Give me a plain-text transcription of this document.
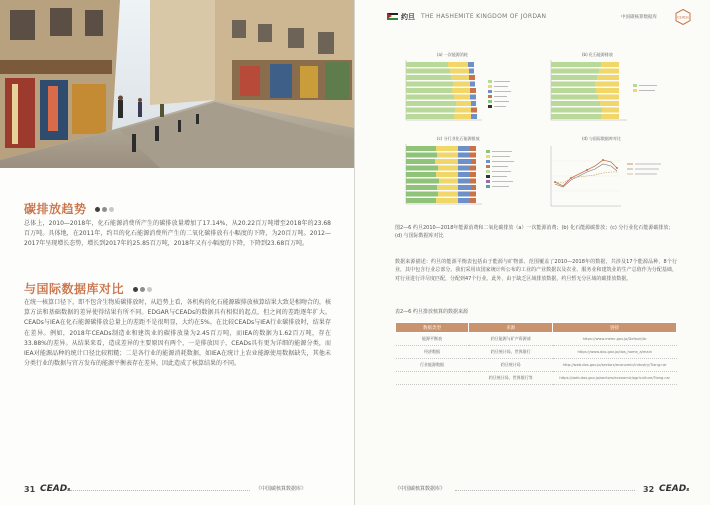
碳排放趋势

总体上，2010—2018年，化石能源消费所产生的碳排放量增加了17.14%，从20.22百万吨增至2018年的23.68百万吨。具体地，在2011年，约旦的化石能源消费所产生的二氧化碳排放有小幅度的下降，为20百万吨。2012—2017年呈现增长态势，增长到2017年的25.85百万吨，2018年又有小幅度的下降，下降到23.68百万吨。

与国际数据库对比

在统一核算口径下，即不包含生物质碳排放时，从趋势上看，各机构的化石能源碳排放核算结果大致是相吻合的，核算方法和基础数据的差异使得结果有所不同。EDGAR与CEADs的数据具有相似的起点，但之间的差距逐年扩大。CEADs与IEA在化石能源碳排放总量上的差距不是很明显，大约在5%。在比较CEADs与IEA行业碳排放时，结果存在差异。例如，2018年CEADs制造业和建筑业的碳排放量为2.45百万吨，而IEA的数据为1.62百万吨，存在33.88%的差异。从结果来看，造成差异的主要原因有两个，一是排放因子，CEADs具有更为详细的能源分类，而IEA对能源品种的统计口径比较粗糙；二是各行业的能源消耗数据，如IEA在统计上农业能源使用数据缺失，其他未分类行业的数据与官方发布的能源平衡表存在差异，因此造成了核算结果的不同。

31 CEADs	《中国碳核算数据库》
约旦 THE HASHEMITE KINGDOM OF JORDAN	中国碳核算数据库	CEADs
(a) 一次能源消耗	(b) 化石能源排放
(c) 分行业化石能源排放	(d) 与国际数据库对比

图2—6 约旦2010—2018年能源消费和二氧化碳排放（a）一次能源消费；(b) 化石能源碳排放；(c) 分行业化石能源碳排放；(d) 与国际数据库对比

数据来源描述：约旦的能源平衡表包括由于能源与矿物部、范围覆盖了2010—2018年的数据，共涉及17个能源品种，8个行业，其中包含行业总部分。我们采用该国家统计所公布的工业的产业数据以及农业、服务业和建筑业的生产总值作为分配基础，对行业进行详尽度匹配，分配到47个行业。此外，由于缺乏区域排放数据，约旦暂无分区域的碳排放数据。

表2—6 约旦排放核算的数据来源

数据类型	来源	链接
能源平衡表	约旦能源与矿产资源部	https://www.memr.gov.jo/Default/Ar
经济数据	约旦统计局、世界银行	https://www.dos.gov.jo/dos_home_a/main
行业能源数据	约旦统计局	http://web.dos.gov.jo/sectors/economic/industry/?lang=ar
	约旦统计局、世界银行等	https://web.dos.gov.jo/sectors/economic/agriculture/?lang=ar
《中国碳核算数据库》	32 CEADs
